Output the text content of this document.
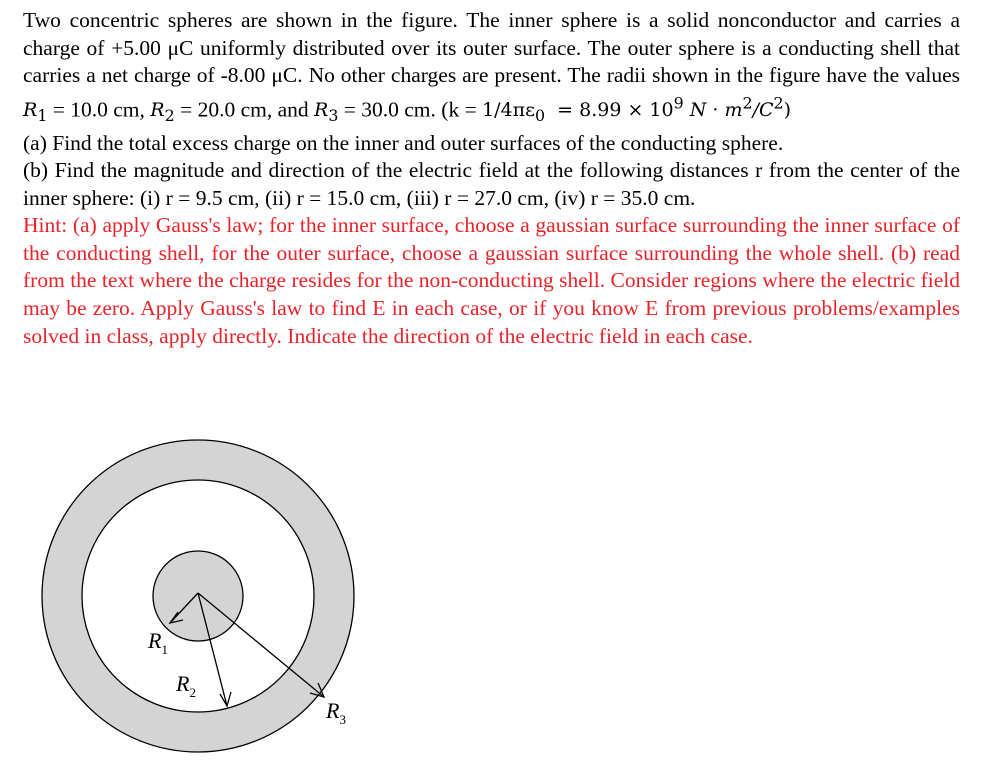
Two concentric spheres are shown in the figure. The inner sphere is a solid nonconductor and carries a charge of +5.00 μC uniformly distributed over its outer surface. The outer sphere is a conducting shell that carries a net charge of -8.00 μC. No other charges are present. The radii shown in the figure have the values $R_1 = 10.0$ cm, $R_2 = 20.0$ cm, and $R_3 = 30.0$ cm. ($k = 1/4\pi\varepsilon_0 = 8.99 \times 10^9$ $N \cdot m^2/C^2$)

(a) Find the total excess charge on the inner and outer surfaces of the conducting sphere.

(b) Find the magnitude and direction of the electric field at the following distances r from the center of the inner sphere: (i) r = 9.5 cm, (ii) r = 15.0 cm, (iii) r = 27.0 cm, (iv) r = 35.0 cm.

Hint: (a) apply Gauss's law; for the inner surface, choose a gaussian surface surrounding the inner surface of the conducting shell, for the outer surface, choose a gaussian surface surrounding the whole shell. (b) read from the text where the charge resides for the non-conducting shell. Consider regions where the electric field may be zero. Apply Gauss's law to find E in each case, or if you know E from previous problems/examples solved in class, apply directly. Indicate the direction of the electric field in each case.

$R_1$
$R_2$
$R_3$
